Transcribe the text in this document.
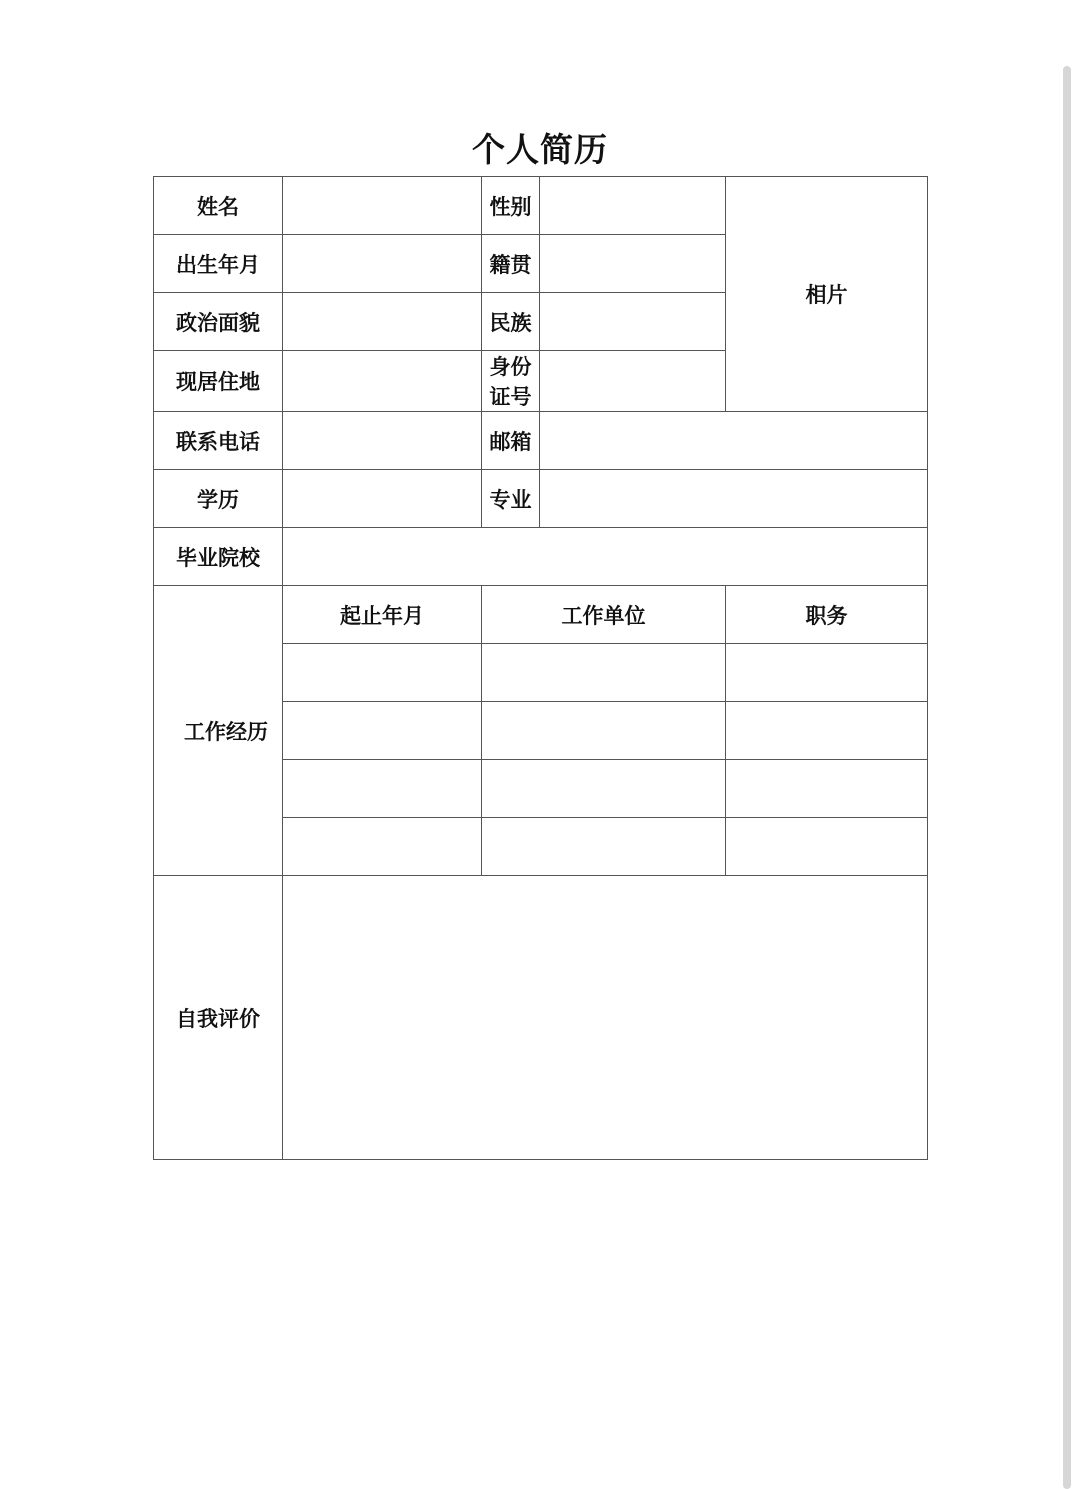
个人简历
姓名		性别		相片
出生年月		籍贯		
政治面貌		民族		
现居住地		身份证号		
联系电话		邮箱		
学历		专业		
毕业院校				
工作经历	起止年月	工作单位		职务

自我评价				
